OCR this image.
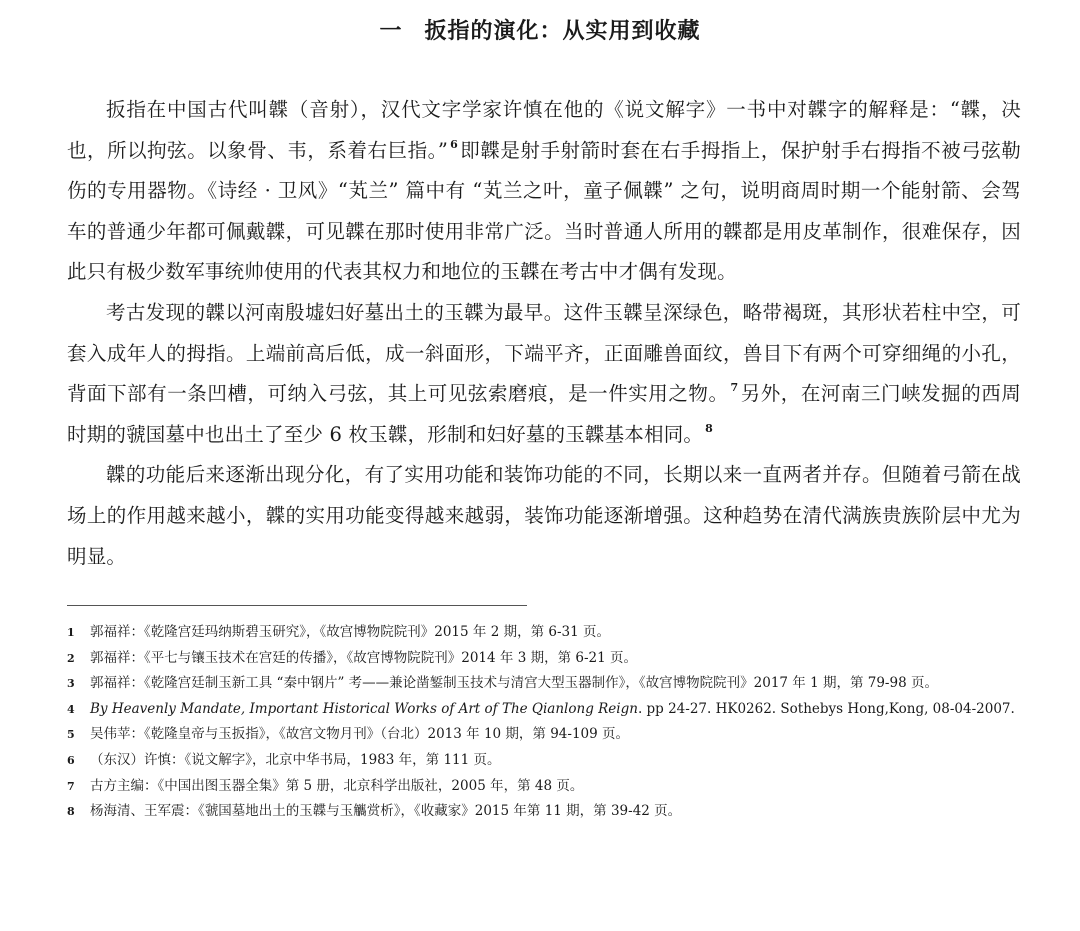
一 扳指的演化：从实用到收藏

扳指在中国古代叫韘（音射），汉代文字学家许慎在他的《说文解字》一书中对韘字的解释是：“韘，决也，所以拘弦。以象骨、韦，系着右巨指。” $^6$ 即韘是射手射箭时套在右手拇指上，保护射手右拇指不被弓弦勒伤的专用器物。《诗经 · 卫风》“芄兰” 篇中有 “芄兰之叶，童子佩韘” 之句，说明商周时期一个能射箭、会驾车的普通少年都可佩戴韘，可见韘在那时使用非常广泛。当时普通人所用的韘都是用皮革制作，很难保存，因此只有极少数军事统帅使用的代表其权力和地位的玉韘在考古中才偶有发现。

考古发现的韘以河南殷墟妇好墓出土的玉韘为最早。这件玉韘呈深绿色，略带褐斑，其形状若柱中空，可套入成年人的拇指。上端前高后低，成一斜面形，下端平齐，正面雕兽面纹，兽目下有两个可穿细绳的小孔，背面下部有一条凹槽，可纳入弓弦，其上可见弦索磨痕，是一件实用之物。 $^7$ 另外，在河南三门峡发掘的西周时期的虢国墓中也出土了至少 6 枚玉韘，形制和妇好墓的玉韘基本相同。 $^8$

韘的功能后来逐渐出现分化，有了实用功能和装饰功能的不同，长期以来一直两者并存。但随着弓箭在战场上的作用越来越小，韘的实用功能变得越来越弱，装饰功能逐渐增强。这种趋势在清代满族贵族阶层中尤为明显。

1	郭福祥：《乾隆宫廷玛纳斯碧玉研究》，《故宫博物院院刊》2015 年 2 期，第 6-31 页。
2	郭福祥：《平七与镶玉技术在宫廷的传播》，《故宫博物院院刊》2014 年 3 期，第 6-21 页。
3	郭福祥：《乾隆宫廷制玉新工具 “秦中钢片” 考——兼论凿錾制玉技术与清宫大型玉器制作》，《故宫博物院院刊》2017 年 1 期，第 79-98 页。
4	By Heavenly Mandate, Important Historical Works of Art of The Qianlong Reign . pp 24-27. HK0262. Sothebys Hong,Kong, 08-04-2007.
5	吴伟苹：《乾隆皇帝与玉扳指》，《故宫文物月刊》（台北）2013 年 10 期，第 94-109 页。
6	（东汉）许慎：《说文解字》，北京中华书局，1983 年，第 111 页。
7	古方主编：《中国出图玉器全集》第 5 册，北京科学出版社，2005 年，第 48 页。
8	杨海清、王军震：《虢国墓地出土的玉韘与玉觿赏析》，《收藏家》2015 年第 11 期，第 39-42 页。
